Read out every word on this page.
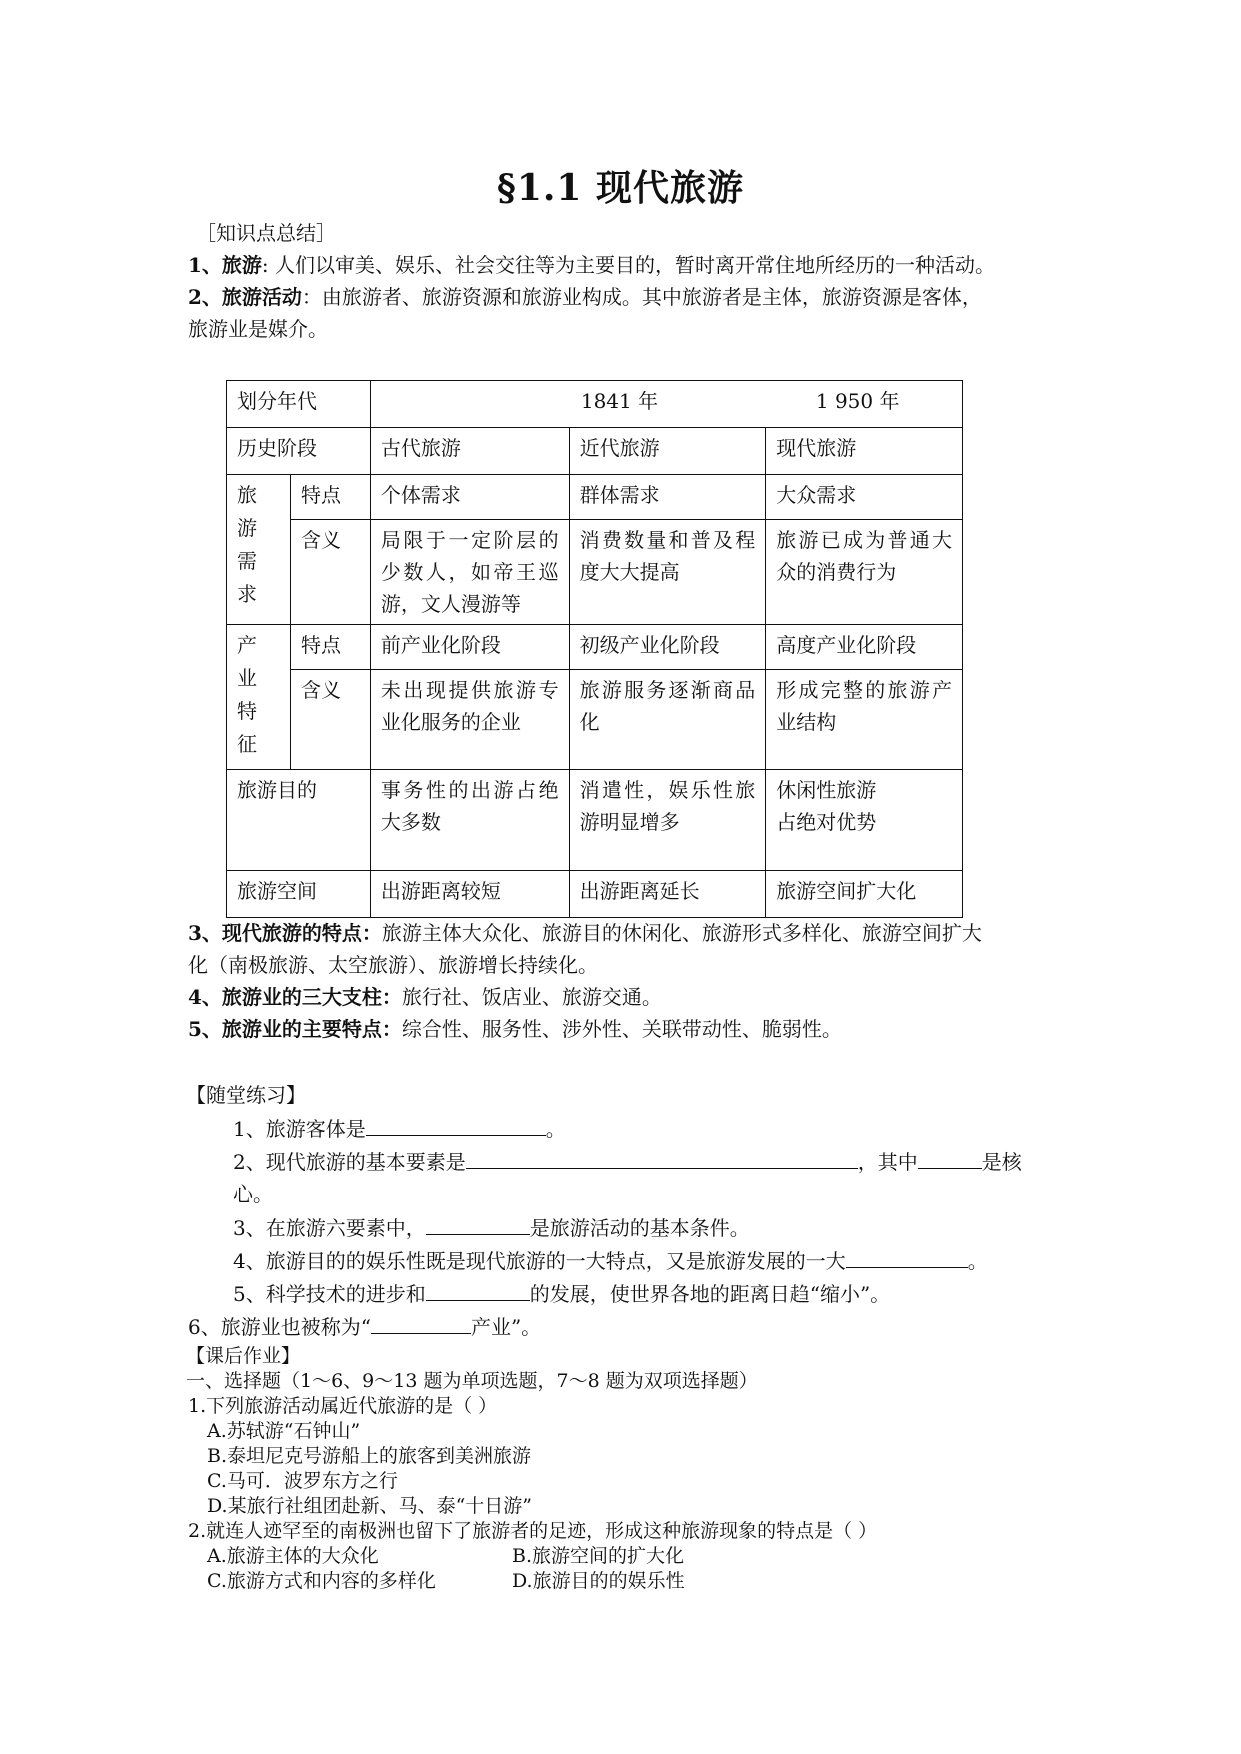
§1.1 现代旅游
［知识点总结］
1、旅游: 人们以审美、娱乐、社会交往等为主要目的，暂时离开常住地所经历的一种活动。
2、旅游活动：由旅游者、旅游资源和旅游业构成。其中旅游者是主体，旅游资源是客体，
旅游业是媒介。
划分年代		1841 年 1 950 年		

历史阶段		古代旅游	近代旅游	现代旅游
旅
游
需
求	特点	个体需求	群体需求	大众需求
	含义	局限于一定阶层的少数人，如帝王巡游，文人漫游等	消费数量和普及程度大大提高	旅游已成为普通大众的消费行为
产
业
特
征	特点	前产业化阶段	初级产业化阶段	高度产业化阶段
	含义	未出现提供旅游专业化服务的企业	旅游服务逐渐商品化	形成完整的旅游产业结构
旅游目的		事务性的出游占绝大多数	消遣性，娱乐性旅游明显增多	休闲性旅游
占绝对优势
旅游空间		出游距离较短	出游距离延长	旅游空间扩大化
3、现代旅游的特点：旅游主体大众化、旅游目的休闲化、旅游形式多样化、旅游空间扩大
化（南极旅游、太空旅游）、旅游增长持续化。
4、旅游业的三大支柱：旅行社、饭店业、旅游交通。
5、旅游业的主要特点：综合性、服务性、涉外性、关联带动性、脆弱性。
【随堂练习】
1、旅游客体是	。
2、现代旅游的基本要素是	，其中	是核
心。
3、在旅游六要素中，	是旅游活动的基本条件。
4、旅游目的的娱乐性既是现代旅游的一大特点，又是旅游发展的一大	。
5、科学技术的进步和	的发展，使世界各地的距离日趋“缩小”。
6、旅游业也被称为“	产业”。
【课后作业】
一、选择题（1～6、9～13 题为单项选题，7～8 题为双项选择题）
1.下列旅游活动属近代旅游的是（ ）
A.苏轼游“石钟山”
B.泰坦尼克号游船上的旅客到美洲旅游
C.马可．波罗东方之行
D.某旅行社组团赴新、马、泰“十日游”
2.就连人迹罕至的南极洲也留下了旅游者的足迹，形成这种旅游现象的特点是（ ）
A.旅游主体的大众化	B.旅游空间的扩大化
C.旅游方式和内容的多样化	D.旅游目的的娱乐性
